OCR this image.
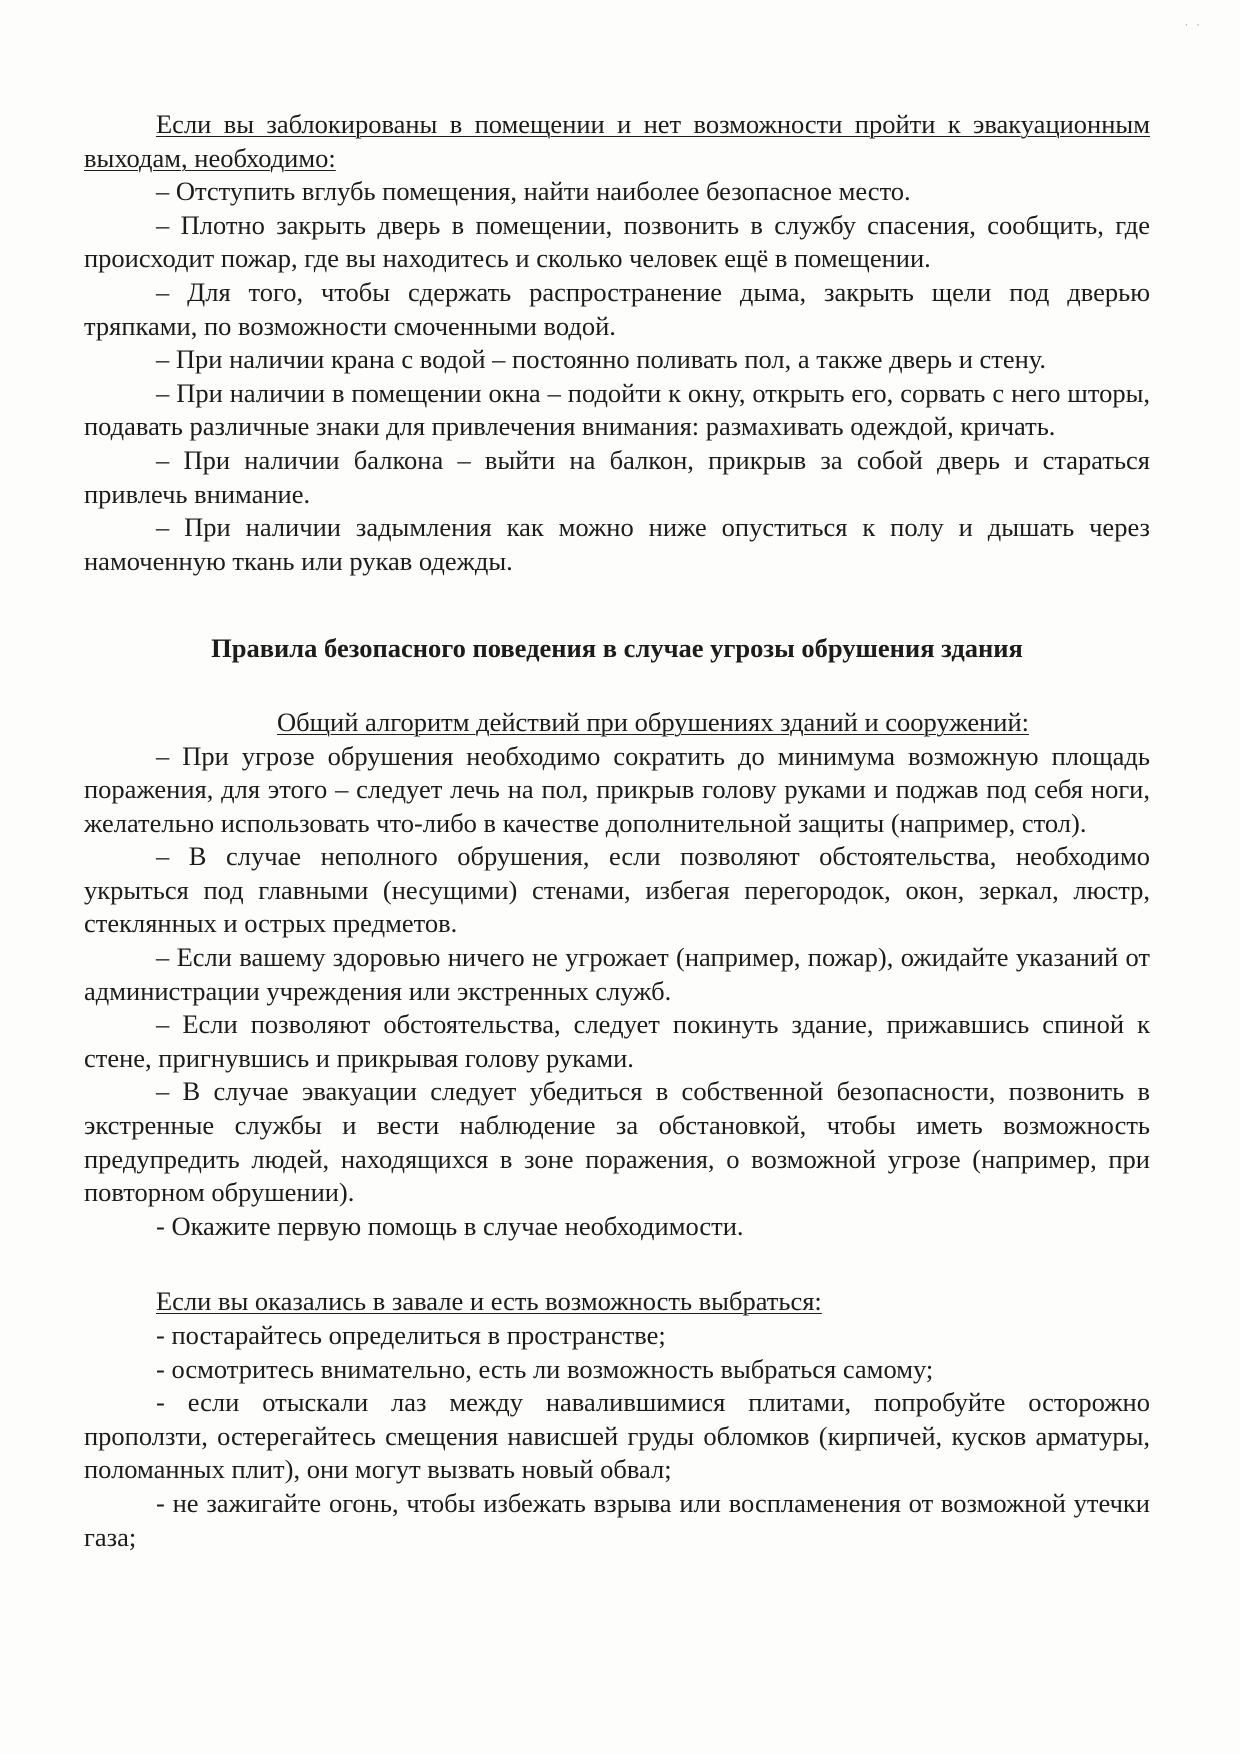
· ·

Если вы заблокированы в помещении и нет возможности пройти к эвакуационным выходам, необходимо:

– Отступить вглубь помещения, найти наиболее безопасное место.

– Плотно закрыть дверь в помещении, позвонить в службу спасения, сообщить, где происходит пожар, где вы находитесь и сколько человек ещё в помещении.

– Для того, чтобы сдержать распространение дыма, закрыть щели под дверью тряпками, по возможности смоченными водой.

– При наличии крана с водой – постоянно поливать пол, а также дверь и стену.

– При наличии в помещении окна – подойти к окну, открыть его, сорвать с него шторы, подавать различные знаки для привлечения внимания: размахивать одеждой, кричать.

– При наличии балкона – выйти на балкон, прикрыв за собой дверь и стараться привлечь внимание.

– При наличии задымления как можно ниже опуститься к полу и дышать через намоченную ткань или рукав одежды.

Правила безопасного поведения в случае угрозы обрушения здания

Общий алгоритм действий при обрушениях зданий и сооружений:

– При угрозе обрушения необходимо сократить до минимума возможную площадь поражения, для этого – следует лечь на пол, прикрыв голову руками и поджав под себя ноги, желательно использовать что-либо в качестве дополнительной защиты (например, стол).

– В случае неполного обрушения, если позволяют обстоятельства, необходимо укрыться под главными (несущими) стенами, избегая перегородок, окон, зеркал, люстр, стеклянных и острых предметов.

– Если вашему здоровью ничего не угрожает (например, пожар), ожидайте указаний от администрации учреждения или экстренных служб.

– Если позволяют обстоятельства, следует покинуть здание, прижавшись спиной к стене, пригнувшись и прикрывая голову руками.

– В случае эвакуации следует убедиться в собственной безопасности, позвонить в экстренные службы и вести наблюдение за обстановкой, чтобы иметь возможность предупредить людей, находящихся в зоне поражения, о возможной угрозе (например, при повторном обрушении).

- Окажите первую помощь в случае необходимости.

Если вы оказались в завале и есть возможность выбраться:

- постарайтесь определиться в пространстве;

- осмотритесь внимательно, есть ли возможность выбраться самому;

- если отыскали лаз между навалившимися плитами, попробуйте осторожно проползти, остерегайтесь смещения нависшей груды обломков (кирпичей, кусков арматуры, поломанных плит), они могут вызвать новый обвал;

- не зажигайте огонь, чтобы избежать взрыва или воспламенения от возможной утечки газа;
